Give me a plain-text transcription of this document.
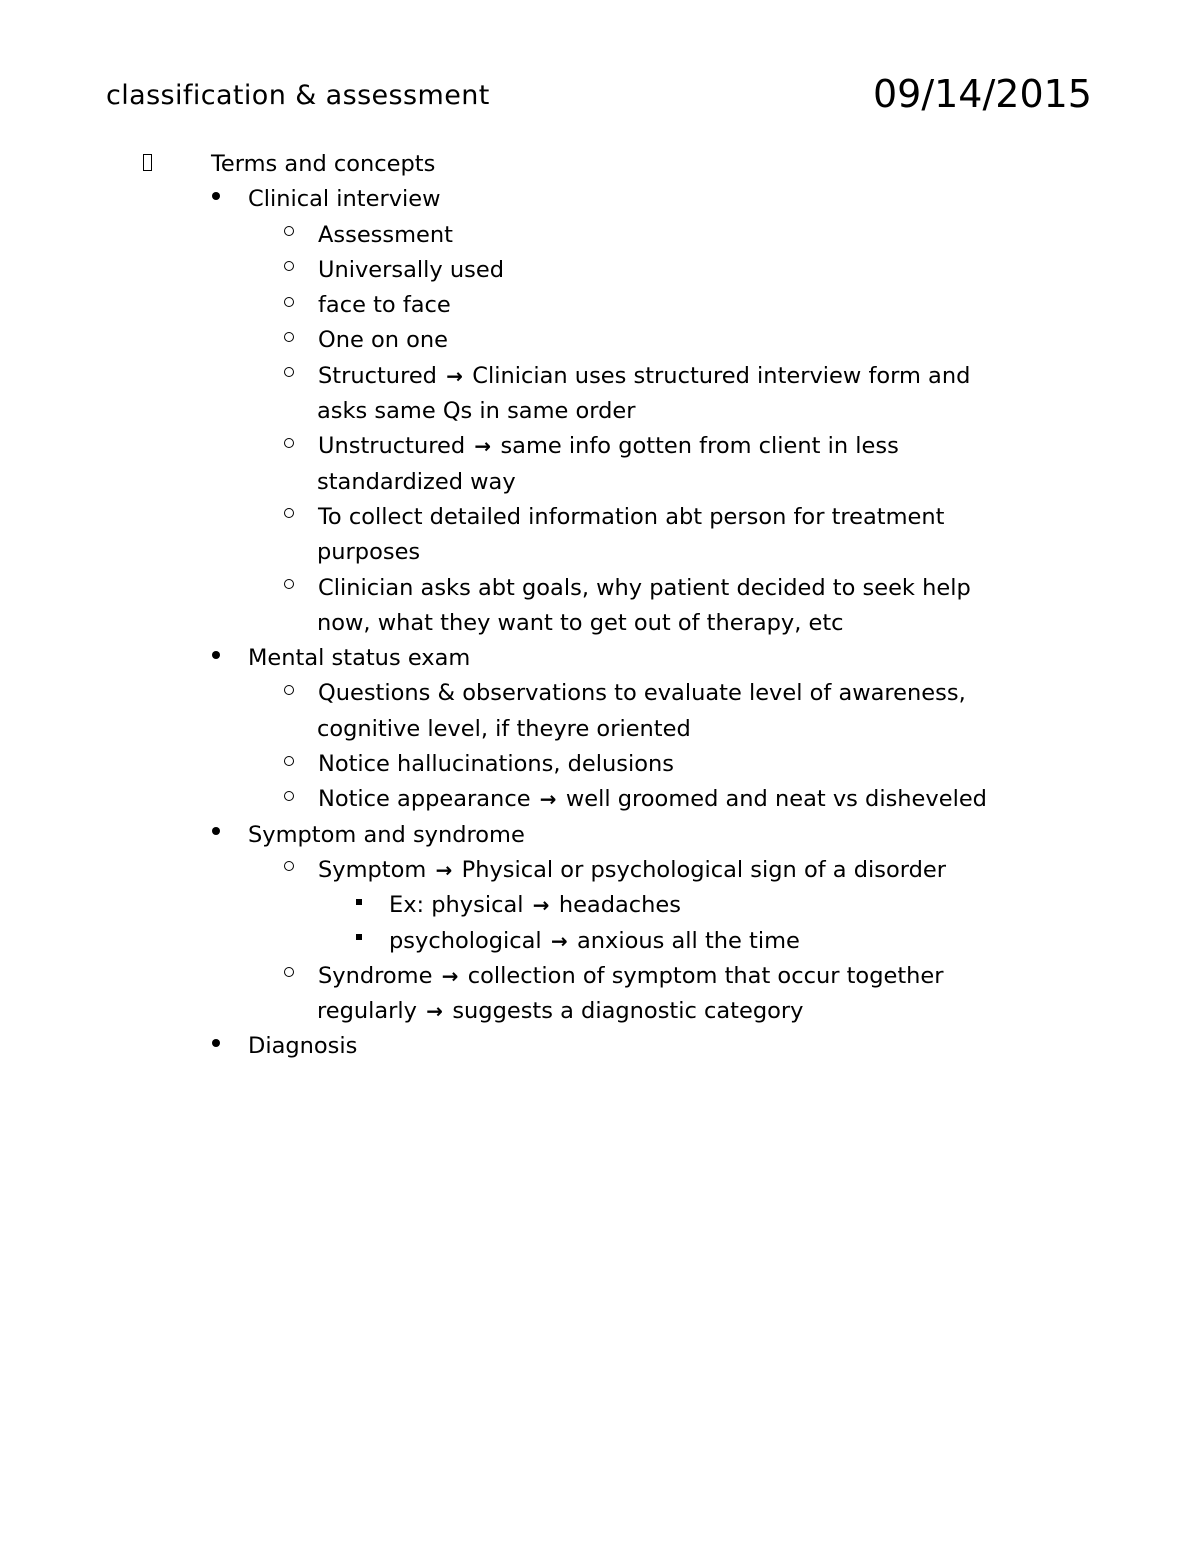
classification & assessment	09/14/2015
Terms and concepts
Clinical interview
Assessment
Universally used
face to face
One on one
Structured → Clinician uses structured interview form and
asks same Qs in same order
Unstructured → same info gotten from client in less
standardized way
To collect detailed information abt person for treatment
purposes
Clinician asks abt goals, why patient decided to seek help
now, what they want to get out of therapy, etc
Mental status exam
Questions & observations to evaluate level of awareness,
cognitive level, if theyre oriented
Notice hallucinations, delusions
Notice appearance → well groomed and neat vs disheveled
Symptom and syndrome
Symptom → Physical or psychological sign of a disorder
Ex: physical → headaches
psychological → anxious all the time
Syndrome → collection of symptom that occur together
regularly → suggests a diagnostic category
Diagnosis
